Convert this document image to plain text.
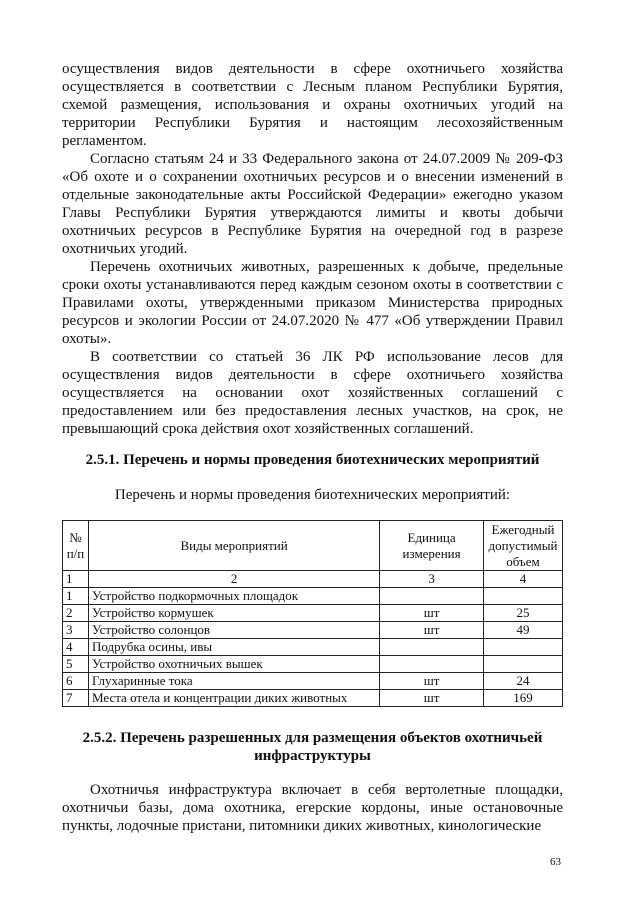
осуществления видов деятельности в сфере охотничьего хозяйства осуществляется в соответствии с Лесным планом Республики Бурятия, схемой размещения, использования и охраны охотничьих угодий на территории Республики Бурятия и настоящим лесохозяйственным регламентом.

Согласно статьям 24 и 33 Федерального закона от 24.07.2009 № 209-ФЗ «Об охоте и о сохранении охотничьих ресурсов и о внесении изменений в отдельные законодательные акты Российской Федерации» ежегодно указом Главы Республики Бурятия утверждаются лимиты и квоты добычи охотничьих ресурсов в Республике Бурятия на очередной год в разрезе охотничьих угодий.

Перечень охотничьих животных, разрешенных к добыче, предельные сроки охоты устанавливаются перед каждым сезоном охоты в соответствии с Правилами охоты, утвержденными приказом Министерства природных ресурсов и экологии России от 24.07.2020 № 477 «Об утверждении Правил охоты».

В соответствии со статьей 36 ЛК РФ использование лесов для осуществления видов деятельности в сфере охотничьего хозяйства осуществляется на основании охот хозяйственных соглашений с предоставлением или без предоставления лесных участков, на срок, не превышающий срока действия охот хозяйственных соглашений.

2.5.1. Перечень и нормы проведения биотехнических мероприятий

Перечень и нормы проведения биотехнических мероприятий:

№ п/п	Виды мероприятий	Единица измерения	Ежегодный допустимый объем
1	2	3	4
1	Устройство подкормочных площадок		
2	Устройство кормушек	шт	25
3	Устройство солонцов	шт	49
4	Подрубка осины, ивы		
5	Устройство охотничьих вышек		
6	Глухаринные тока	шт	24
7	Места отела и концентрации диких животных	шт	169

2.5.2. Перечень разрешенных для размещения объектов охотничьей инфраструктуры

Охотничья инфраструктура включает в себя вертолетные площадки, охотничьи базы, дома охотника, егерские кордоны, иные остановочные пункты, лодочные пристани, питомники диких животных, кинологические

63
